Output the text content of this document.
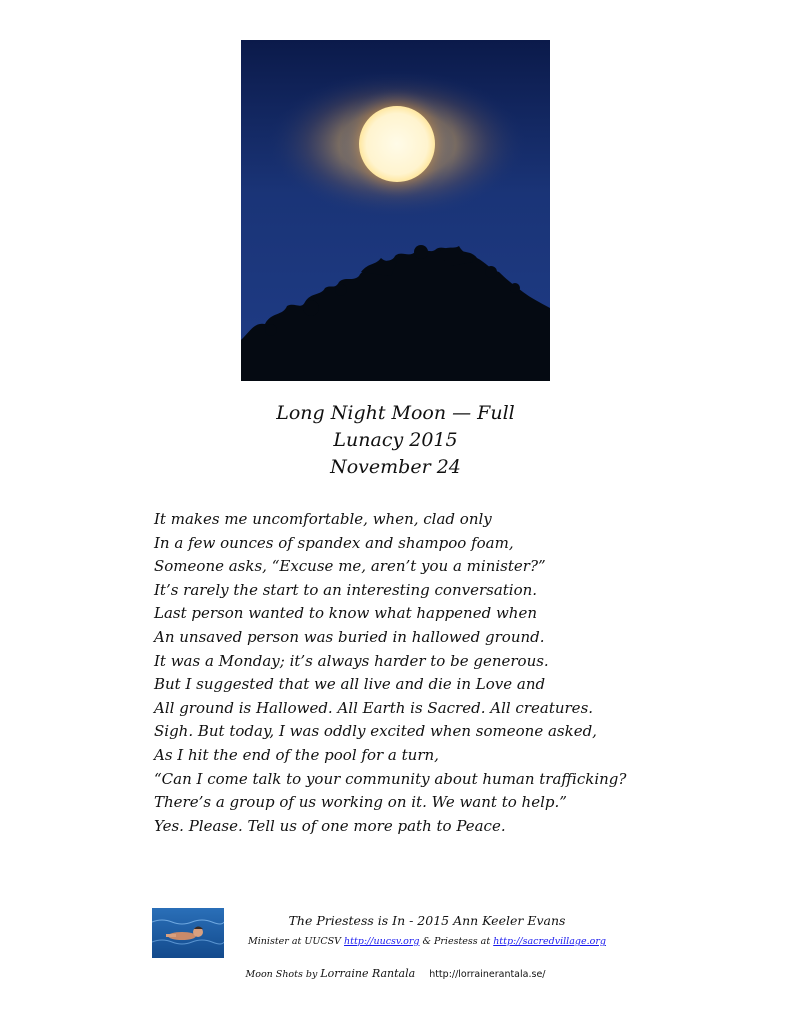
Long Night Moon — Full
Lunacy 2015
November 24
It makes me uncomfortable, when, clad only
In a few ounces of spandex and shampoo foam,
Someone asks, “Excuse me, aren’t you a minister?”
It’s rarely the start to an interesting conversation.
Last person wanted to know what happened when
An unsaved person was buried in hallowed ground.
It was a Monday; it’s always harder to be generous.
But I suggested that we all live and die in Love and
All ground is Hallowed. All Earth is Sacred. All creatures.
Sigh. But today, I was oddly excited when someone asked,
As I hit the end of the pool for a turn,
“Can I come talk to your community about human trafficking?
There’s a group of us working on it. We want to help.”
Yes. Please. Tell us of one more path to Peace.
The Priestess is In - 2015 Ann Keeler Evans
Minister at UUCSV http://uucsv.org & Priestess at http://sacredvillage.org
Moon Shots by Lorraine Rantala http://lorrainerantala.se/
